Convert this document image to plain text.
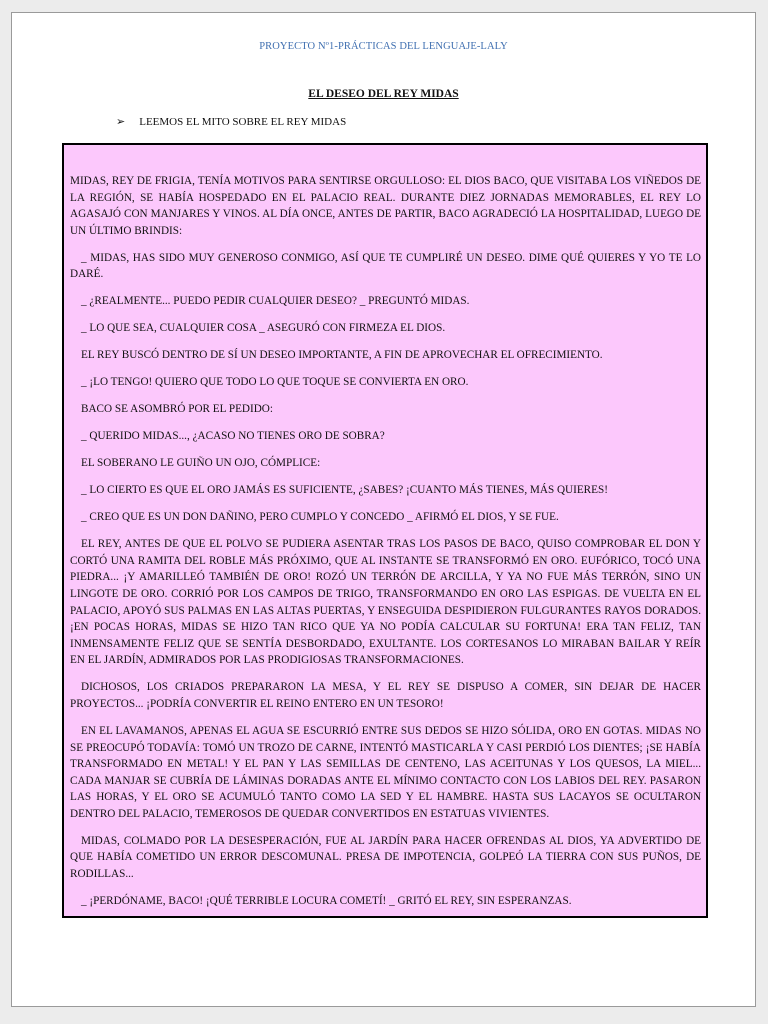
PROYECTO Nº1-PRÁCTICAS DEL LENGUAJE-LALY
EL DESEO DEL REY MIDAS
➢ LEEMOS EL MITO SOBRE EL REY MIDAS

MIDAS, REY DE FRIGIA, TENÍA MOTIVOS PARA SENTIRSE ORGULLOSO: EL DIOS BACO, QUE VISITABA LOS VIÑEDOS DE LA REGIÓN, SE HABÍA HOSPEDADO EN EL PALACIO REAL. DURANTE DIEZ JORNADAS MEMORABLES, EL REY LO AGASAJÓ CON MANJARES Y VINOS. AL DÍA ONCE, ANTES DE PARTIR, BACO AGRADECIÓ LA HOSPITALIDAD, LUEGO DE UN ÚLTIMO BRINDIS:

_ MIDAS, HAS SIDO MUY GENEROSO CONMIGO, ASÍ QUE TE CUMPLIRÉ UN DESEO. DIME QUÉ QUIERES Y YO TE LO DARÉ.

_ ¿REALMENTE... PUEDO PEDIR CUALQUIER DESEO? _ PREGUNTÓ MIDAS.

_ LO QUE SEA, CUALQUIER COSA _ ASEGURÓ CON FIRMEZA EL DIOS.

EL REY BUSCÓ DENTRO DE SÍ UN DESEO IMPORTANTE, A FIN DE APROVECHAR EL OFRECIMIENTO.

_ ¡LO TENGO! QUIERO QUE TODO LO QUE TOQUE SE CONVIERTA EN ORO.

BACO SE ASOMBRÓ POR EL PEDIDO:

_ QUERIDO MIDAS..., ¿ACASO NO TIENES ORO DE SOBRA?

EL SOBERANO LE GUIÑO UN OJO, CÓMPLICE:

_ LO CIERTO ES QUE EL ORO JAMÁS ES SUFICIENTE, ¿SABES? ¡CUANTO MÁS TIENES, MÁS QUIERES!

_ CREO QUE ES UN DON DAÑINO, PERO CUMPLO Y CONCEDO _ AFIRMÓ EL DIOS, Y SE FUE.

EL REY, ANTES DE QUE EL POLVO SE PUDIERA ASENTAR TRAS LOS PASOS DE BACO, QUISO COMPROBAR EL DON Y CORTÓ UNA RAMITA DEL ROBLE MÁS PRÓXIMO, QUE AL INSTANTE SE TRANSFORMÓ EN ORO. EUFÓRICO, TOCÓ UNA PIEDRA... ¡Y AMARILLEÓ TAMBIÉN DE ORO! ROZÓ UN TERRÓN DE ARCILLA, Y YA NO FUE MÁS TERRÓN, SINO UN LINGOTE DE ORO. CORRIÓ POR LOS CAMPOS DE TRIGO, TRANSFORMANDO EN ORO LAS ESPIGAS. DE VUELTA EN EL PALACIO, APOYÓ SUS PALMAS EN LAS ALTAS PUERTAS, Y ENSEGUIDA DESPIDIERON FULGURANTES RAYOS DORADOS. ¡EN POCAS HORAS, MIDAS SE HIZO TAN RICO QUE YA NO PODÍA CALCULAR SU FORTUNA! ERA TAN FELIZ, TAN INMENSAMENTE FELIZ QUE SE SENTÍA DESBORDADO, EXULTANTE. LOS CORTESANOS LO MIRABAN BAILAR Y REÍR EN EL JARDÍN, ADMIRADOS POR LAS PRODIGIOSAS TRANSFORMACIONES.

DICHOSOS, LOS CRIADOS PREPARARON LA MESA, Y EL REY SE DISPUSO A COMER, SIN DEJAR DE HACER PROYECTOS... ¡PODRÍA CONVERTIR EL REINO ENTERO EN UN TESORO!

EN EL LAVAMANOS, APENAS EL AGUA SE ESCURRIÓ ENTRE SUS DEDOS SE HIZO SÓLIDA, ORO EN GOTAS. MIDAS NO SE PREOCUPÓ TODAVÍA: TOMÓ UN TROZO DE CARNE, INTENTÓ MASTICARLA Y CASI PERDIÓ LOS DIENTES; ¡SE HABÍA TRANSFORMADO EN METAL! Y EL PAN Y LAS SEMILLAS DE CENTENO, LAS ACEITUNAS Y LOS QUESOS, LA MIEL... CADA MANJAR SE CUBRÍA DE LÁMINAS DORADAS ANTE EL MÍNIMO CONTACTO CON LOS LABIOS DEL REY. PASARON LAS HORAS, Y EL ORO SE ACUMULÓ TANTO COMO LA SED Y EL HAMBRE. HASTA SUS LACAYOS SE OCULTARON DENTRO DEL PALACIO, TEMEROSOS DE QUEDAR CONVERTIDOS EN ESTATUAS VIVIENTES.

MIDAS, COLMADO POR LA DESESPERACIÓN, FUE AL JARDÍN PARA HACER OFRENDAS AL DIOS, YA ADVERTIDO DE QUE HABÍA COMETIDO UN ERROR DESCOMUNAL. PRESA DE IMPOTENCIA, GOLPEÓ LA TIERRA CON SUS PUÑOS, DE RODILLAS...

_ ¡PERDÓNAME, BACO! ¡QUÉ TERRIBLE LOCURA COMETÍ! _ GRITÓ EL REY, SIN ESPERANZAS.
